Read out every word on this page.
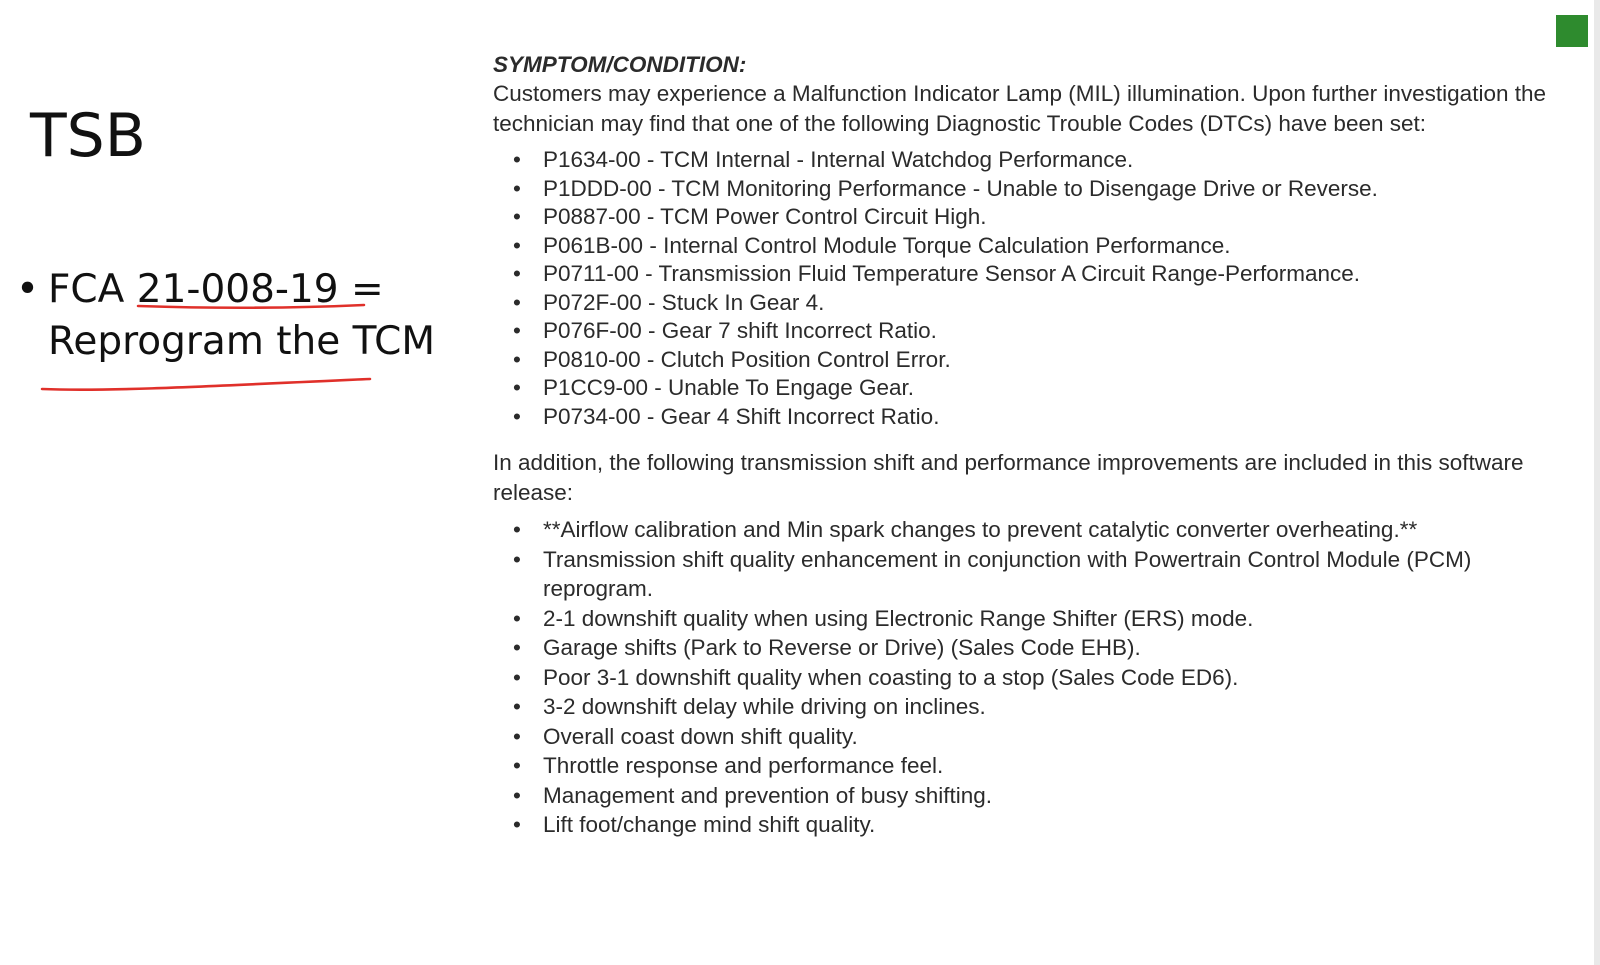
TSB
• FCA 21-008-19 =
Reprogram the TCM

SYMPTOM/CONDITION:

Customers may experience a Malfunction Indicator Lamp (MIL) illumination. Upon further investigation the technician may find that one of the following Diagnostic Trouble Codes (DTCs) have been set:

• P1634-00 - TCM Internal - Internal Watchdog Performance.
• P1DDD-00 - TCM Monitoring Performance - Unable to Disengage Drive or Reverse.
• P0887-00 - TCM Power Control Circuit High.
• P061B-00 - Internal Control Module Torque Calculation Performance.
• P0711-00 - Transmission Fluid Temperature Sensor A Circuit Range-Performance.
• P072F-00 - Stuck In Gear 4.
• P076F-00 - Gear 7 shift Incorrect Ratio.
• P0810-00 - Clutch Position Control Error.
• P1CC9-00 - Unable To Engage Gear.
• P0734-00 - Gear 4 Shift Incorrect Ratio.

In addition, the following transmission shift and performance improvements are included in this software release:

• **Airflow calibration and Min spark changes to prevent catalytic converter overheating.**
• Transmission shift quality enhancement in conjunction with Powertrain Control Module (PCM) reprogram.
• 2-1 downshift quality when using Electronic Range Shifter (ERS) mode.
• Garage shifts (Park to Reverse or Drive) (Sales Code EHB).
• Poor 3-1 downshift quality when coasting to a stop (Sales Code ED6).
• 3-2 downshift delay while driving on inclines.
• Overall coast down shift quality.
• Throttle response and performance feel.
• Management and prevention of busy shifting.
• Lift foot/change mind shift quality.
